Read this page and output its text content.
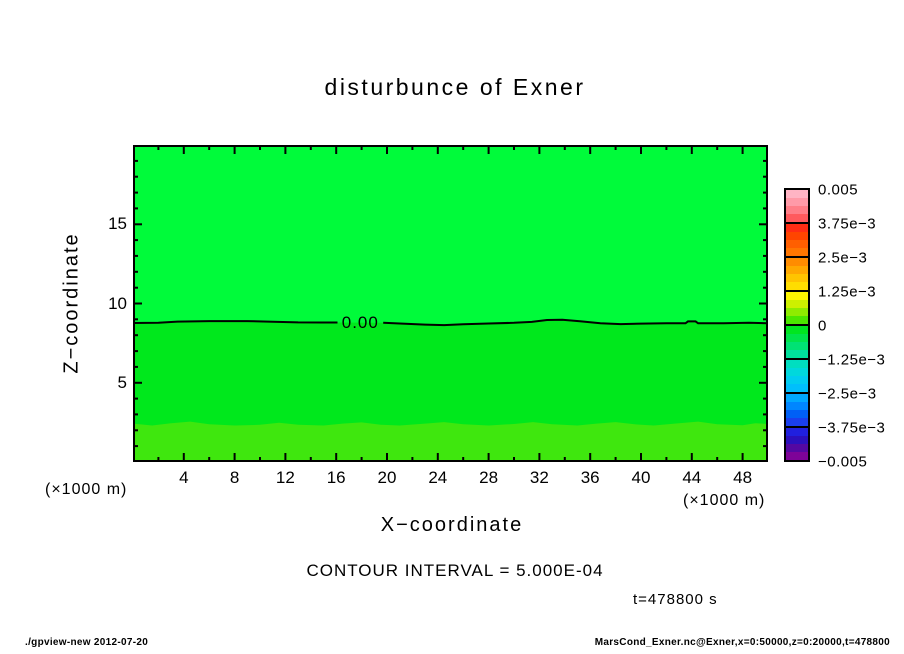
disturbunce of Exner
Z−coordinate
(×1000 m)
0.00
5
10
15
4 8 12 16 20 24 28 32 36 40 44 48
(×1000 m)
X−coordinate
CONTOUR INTERVAL = 5.000E-04
t=478800 s
0.005
3.75e−3
2.5e−3
1.25e−3
0
−1.25e−3
−2.5e−3
−3.75e−3
−0.005
./gpview-new 2012-07-20	MarsCond_Exner.nc@Exner,x=0:50000,z=0:20000,t=478800
